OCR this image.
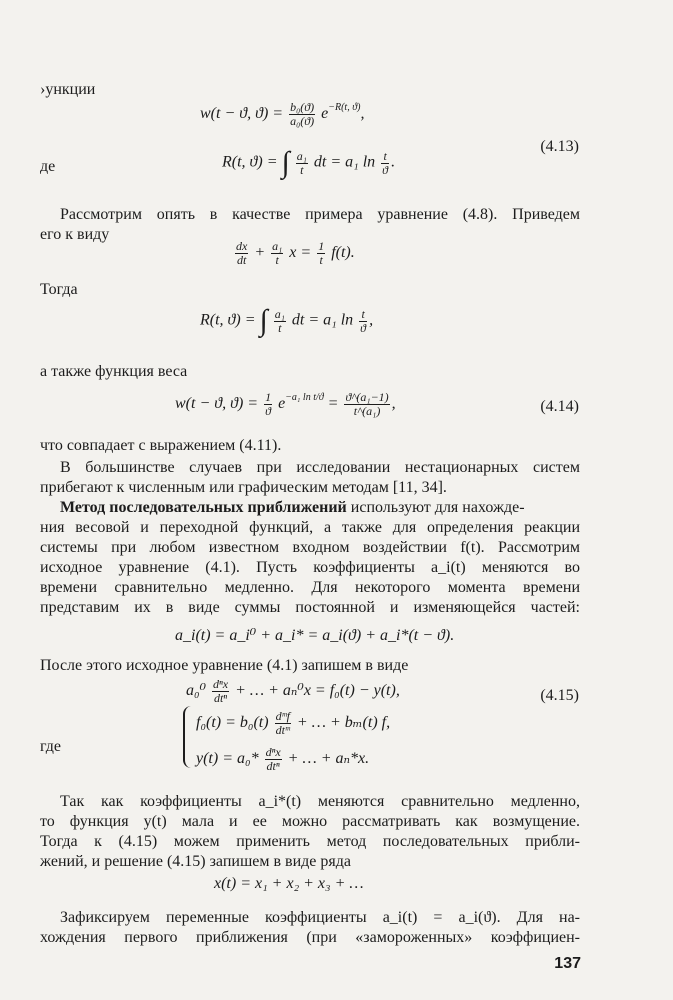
›ункции
w(t − ϑ, $ϑ) = \frac{\text{b₀(ϑ)}}{\text{a₀(ϑ)}} e^{-R(t, ϑ)}$,
де	R(t, ϑ) = ∫ $\frac{\text{a₁}}{t}$ dt = a₁ $\ln \frac{t}{ϑ}$ .
(4.13)
Рассмотрим опять в качестве примера уравнение (4.8). Приведем
его к виду
$\frac{dx}{dt} + \frac{\text{a₁}}{t}$ $x = \frac{1}{t} f(t)$.
Тогда
R(t, ϑ) = ∫ $\frac{\text{a₁}}{t}$ dt = a₁ $\ln \frac{t}{ϑ}$ ,
а также функция веса
w(t − ϑ, $ϑ) = \frac{1}{ϑ} e^{-a_1 ln t/ϑ} = \frac{\text{ϑ\textasciicircum{}(a₁−1)}}{\text{t\textasciicircum{}(a₁)}}$ ,	(4.14)
что совпадает с выражением (4.11).
В большинстве случаев при исследовании нестационарных систем
прибегают к численным или графическим методам [11, 34].
Метод последовательных приближений используют для нахожде-
ния весовой и переходной функций, а также для определения реакции
системы при любом известном входном воздействии f(t). Рассмотрим
исходное уравнение (4.1). Пусть коэффициенты a_i(t) меняются во
времени сравнительно медленно. Для некоторого момента времени
представим их в виде суммы постоянной и изменяющейся частей:
a_i(t) = a_i⁰ + a_i* = a_i(ϑ) + a_i*(t − ϑ).
После этого исходное уравнение (4.1) запишем в виде
$a_0^0 \frac{\text{dⁿx}}{\text{dtⁿ}}$ + … + aₙ⁰x = f₀(t) − y(t),	(4.15)
где
$f_0(t) = b_0(t) \frac{\text{dᵐf}}{\text{dtᵐ}}$ + … + bₘ(t) f,
$y(t) = a_0* \frac{\text{dⁿx}}{\text{dtⁿ}}$ + … + aₙ*x.
Так как коэффициенты a_i*(t) меняются сравнительно медленно,
то функция y(t) мала и ее можно рассматривать как возмущение.
Тогда к (4.15) можем применить метод последовательных прибли-
жений, и решение (4.15) запишем в виде ряда
x(t) = x₁ + x₂ + x₃ + …
Зафиксируем переменные коэффициенты a_i(t) = a_i(ϑ). Для на-
хождения первого приближения (при «замороженных» коэффициен-
137
